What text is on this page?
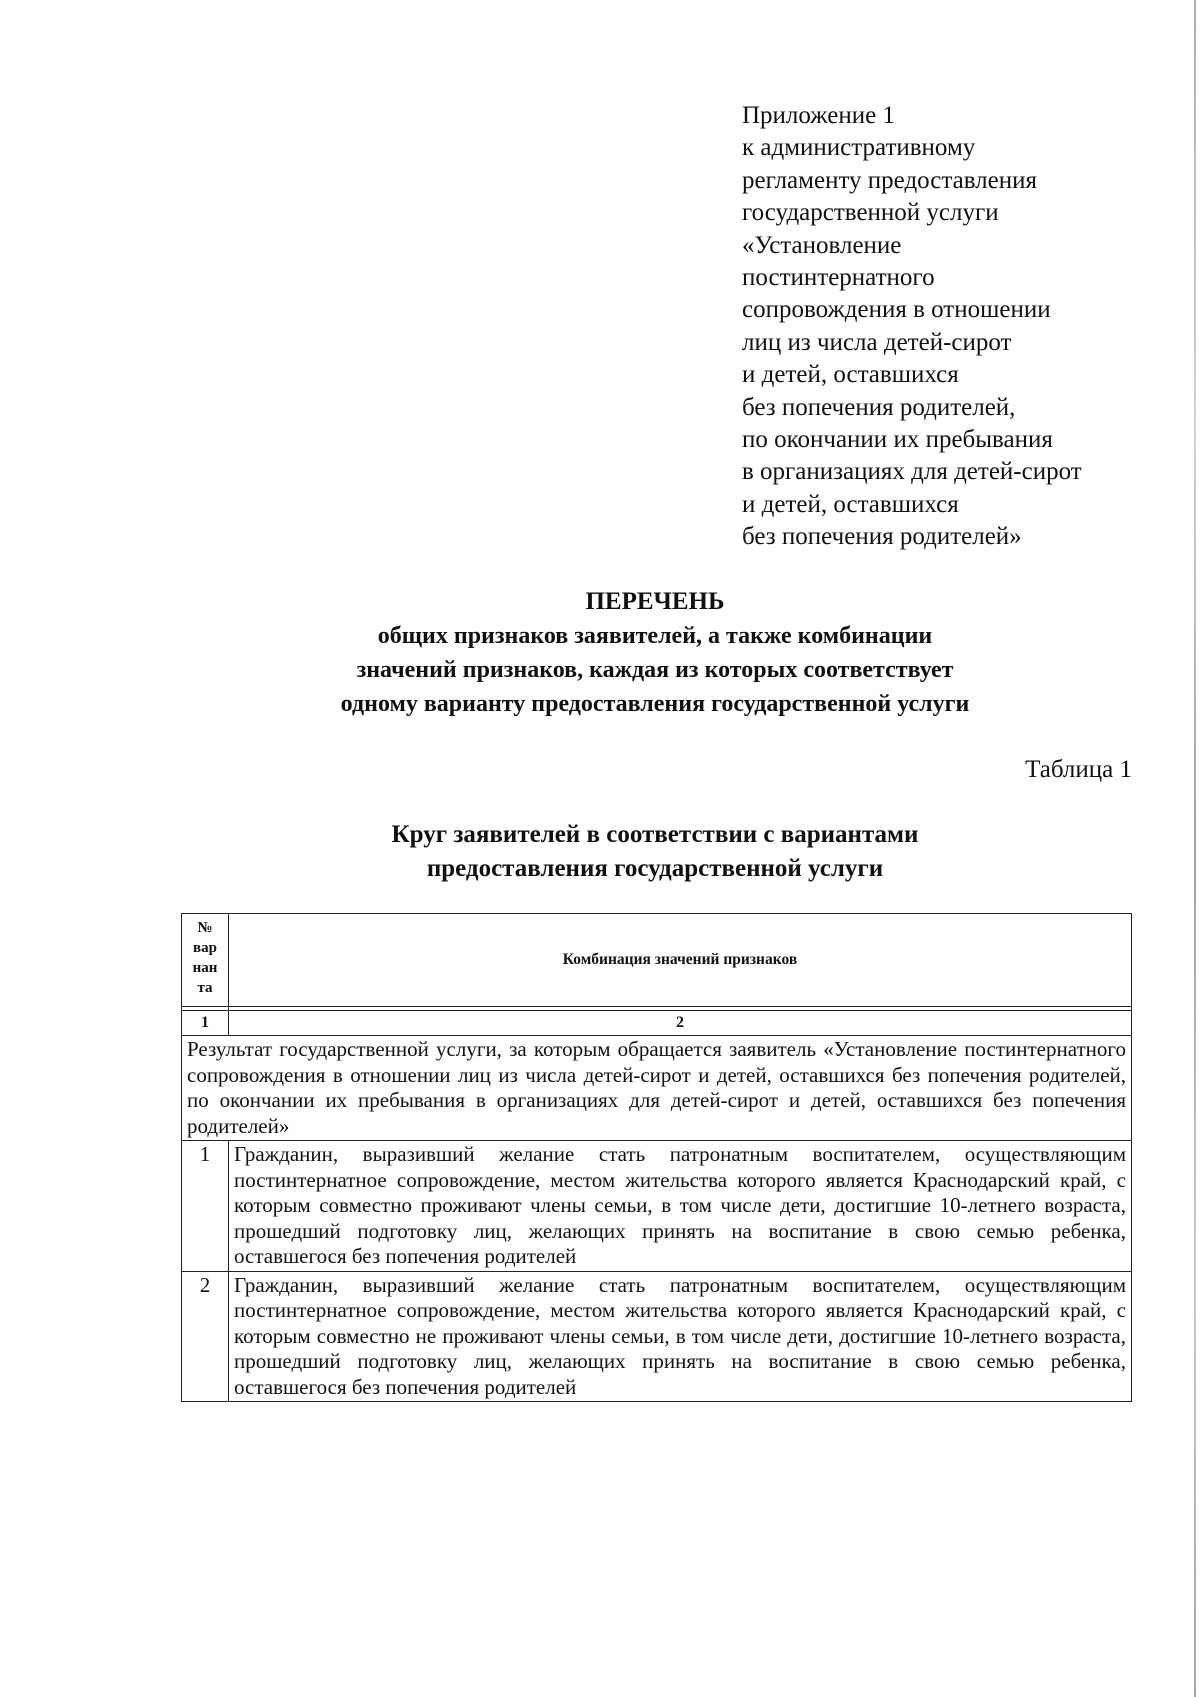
Приложение 1
к административному
регламенту предоставления
государственной услуги
«Установление
постинтернатного
сопровождения в отношении
лиц из числа детей-сирот
и детей, оставшихся
без попечения родителей,
по окончании их пребывания
в организациях для детей-сирот
и детей, оставшихся
без попечения родителей»
ПЕРЕЧЕНЬ
общих признаков заявителей, а также комбинации
значений признаков, каждая из которых соответствует
одному варианту предоставления государственной услуги
Таблица 1
Круг заявителей в соответствии с вариантами
предоставления государственной услуги
№
вар
нан
та	Комбинация значений признаков

1	2
Результат государственной услуги, за которым обращается заявитель «Установление постинтернатного сопровождения в отношении лиц из числа детей-сирот и детей, оставшихся без попечения родителей, по окончании их пребывания в организациях для детей-сирот и детей, оставшихся без попечения родителей»	
1	Гражданин, выразивший желание стать патронатным воспитателем, осуществляющим постинтернатное сопровождение, местом жительства которого является Краснодарский край, с которым совместно проживают члены семьи, в том числе дети, достигшие 10-летнего возраста, прошедший подготовку лиц, желающих принять на воспитание в свою семью ребенка, оставшегося без попечения родителей
2	Гражданин, выразивший желание стать патронатным воспитателем, осуществляющим постинтернатное сопровождение, местом жительства которого является Краснодарский край, с которым совместно не проживают члены семьи, в том числе дети, достигшие 10-летнего возраста, прошедший подготовку лиц, желающих принять на воспитание в свою семью ребенка, оставшегося без попечения родителей
